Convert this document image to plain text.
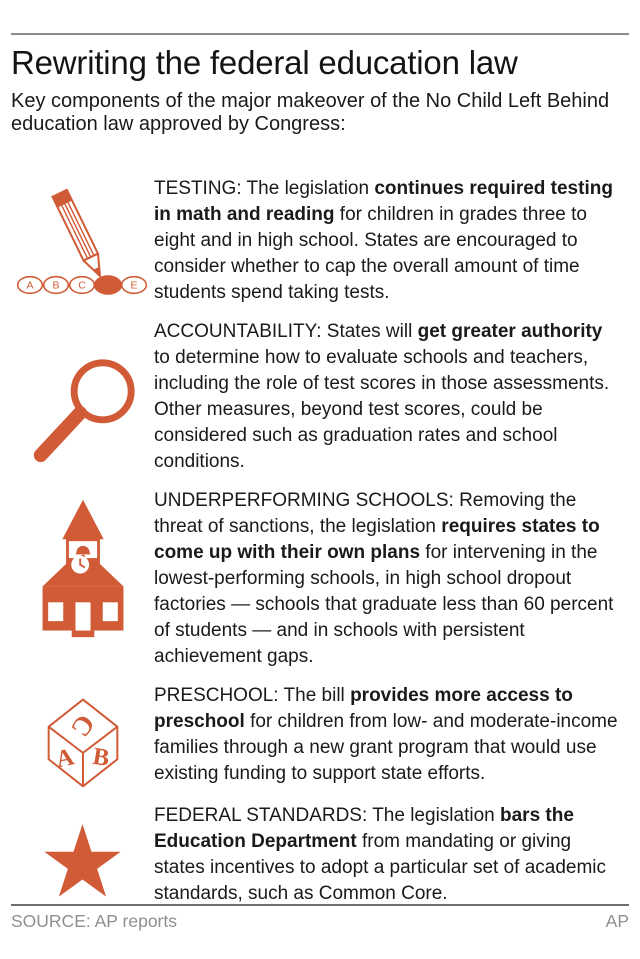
Rewriting the federal education law
Key components of the major makeover of the No Child Left Behind education law approved by Congress:
A B C	E

TESTING: The legislation continues required testing in math and reading for children in grades three to eight and in high school. States are encouraged to consider whether to cap the overall amount of time students spend taking tests.

ACCOUNTABILITY: States will get greater authority to determine how to evaluate schools and teachers, including the role of test scores in those assessments. Other measures, beyond test scores, could be considered such as graduation rates and school conditions.

UNDERPERFORMING SCHOOLS: Removing the threat of sanctions, the legislation requires states to come up with their own plans for intervening in the lowest-performing schools, in high school dropout factories — schools that graduate less than 60 percent of students — and in schools with persistent achievement gaps.

C
A B

PRESCHOOL: The bill provides more access to preschool for children from low- and moderate-income families through a new grant program that would use existing funding to support state efforts.

FEDERAL STANDARDS: The legislation bars the Education Department from mandating or giving states incentives to adopt a particular set of academic standards, such as Common Core.

SOURCE: AP reports	AP
